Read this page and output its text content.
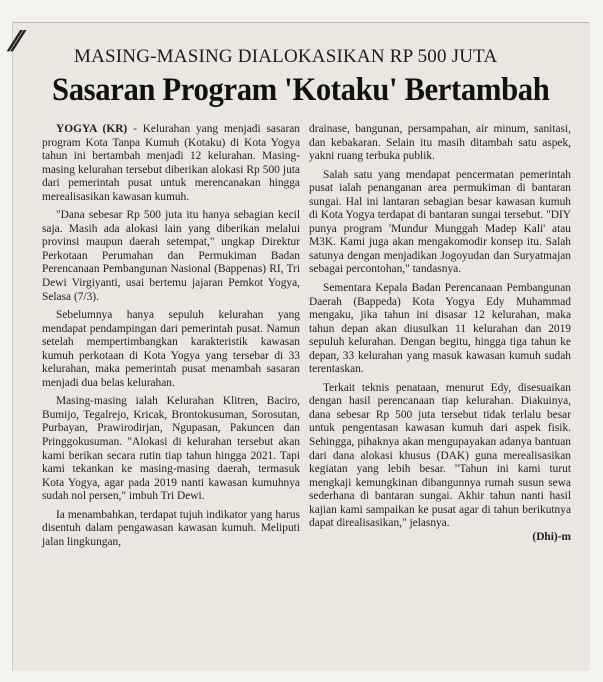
//
MASING-MASING DIALOKASIKAN RP 500 JUTA
Sasaran Program 'Kotaku' Bertambah

YOGYA (KR) - Kelurahan yang menjadi sasaran program Kota Tanpa Kumuh (Kotaku) di Kota Yogya tahun ini bertambah menjadi 12 kelurahan. Masing-masing kelurahan tersebut diberikan alokasi Rp 500 juta dari pemerintah pusat untuk merencanakan hingga merealisasikan kawasan kumuh.

"Dana sebesar Rp 500 juta itu hanya sebagian kecil saja. Masih ada alokasi lain yang diberikan melalui provinsi maupun daerah setempat," ungkap Direktur Perkotaan Perumahan dan Permukiman Badan Perencanaan Pembangunan Nasional (Bappenas) RI, Tri Dewi Virgiyanti, usai bertemu jajaran Pemkot Yogya, Selasa (7/3).

Sebelumnya hanya sepuluh kelurahan yang mendapat pendampingan dari pemerintah pusat. Namun setelah mempertimbangkan karakteristik kawasan kumuh perkotaan di Kota Yogya yang tersebar di 33 kelurahan, maka pemerintah pusat menambah sasaran menjadi dua belas kelurahan.

Masing-masing ialah Kelurahan Klitren, Baciro, Bumijo, Tegalrejo, Kricak, Brontokusuman, Sorosutan, Purbayan, Prawirodirjan, Ngupasan, Pakuncen dan Pringgokusuman. "Alokasi di kelurahan tersebut akan kami berikan secara rutin tiap tahun hingga 2021. Tapi kami tekankan ke masing-masing daerah, termasuk Kota Yogya, agar pada 2019 nanti kawasan kumuhnya sudah nol persen," imbuh Tri Dewi.

Ia menambahkan, terdapat tujuh indikator yang harus disentuh dalam pengawasan kawasan kumuh. Meliputi jalan lingkungan,

drainase, bangunan, persampahan, air minum, sanitasi, dan kebakaran. Selain itu masih ditambah satu aspek, yakni ruang terbuka publik.

Salah satu yang mendapat pencermatan pemerintah pusat ialah penanganan area permukiman di bantaran sungai. Hal ini lantaran sebagian besar kawasan kumuh di Kota Yogya terdapat di bantaran sungai tersebut. "DIY punya program 'Mundur Munggah Madep Kali' atau M3K. Kami juga akan mengakomodir konsep itu. Salah satunya dengan menjadikan Jogoyudan dan Suryatmajan sebagai percontohan," tandasnya.

Sementara Kepala Badan Perencanaan Pembangunan Daerah (Bappeda) Kota Yogya Edy Muhammad mengaku, jika tahun ini disasar 12 kelurahan, maka tahun depan akan diusulkan 11 kelurahan dan 2019 sepuluh kelurahan. Dengan begitu, hingga tiga tahun ke depan, 33 kelurahan yang masuk kawasan kumuh sudah terentaskan.

Terkait teknis penataan, menurut Edy, disesuaikan dengan hasil perencanaan tiap kelurahan. Diakuinya, dana sebesar Rp 500 juta tersebut tidak terlalu besar untuk pengentasan kawasan kumuh dari aspek fisik. Sehingga, pihaknya akan mengupayakan adanya bantuan dari dana alokasi khusus (DAK) guna merealisasikan kegiatan yang lebih besar. "Tahun ini kami turut mengkaji kemungkinan dibangunnya rumah susun sewa sederhana di bantaran sungai. Akhir tahun nanti hasil kajian kami sampaikan ke pusat agar di tahun berikutnya dapat direalisasikan," jelasnya.

(Dhi)-m
